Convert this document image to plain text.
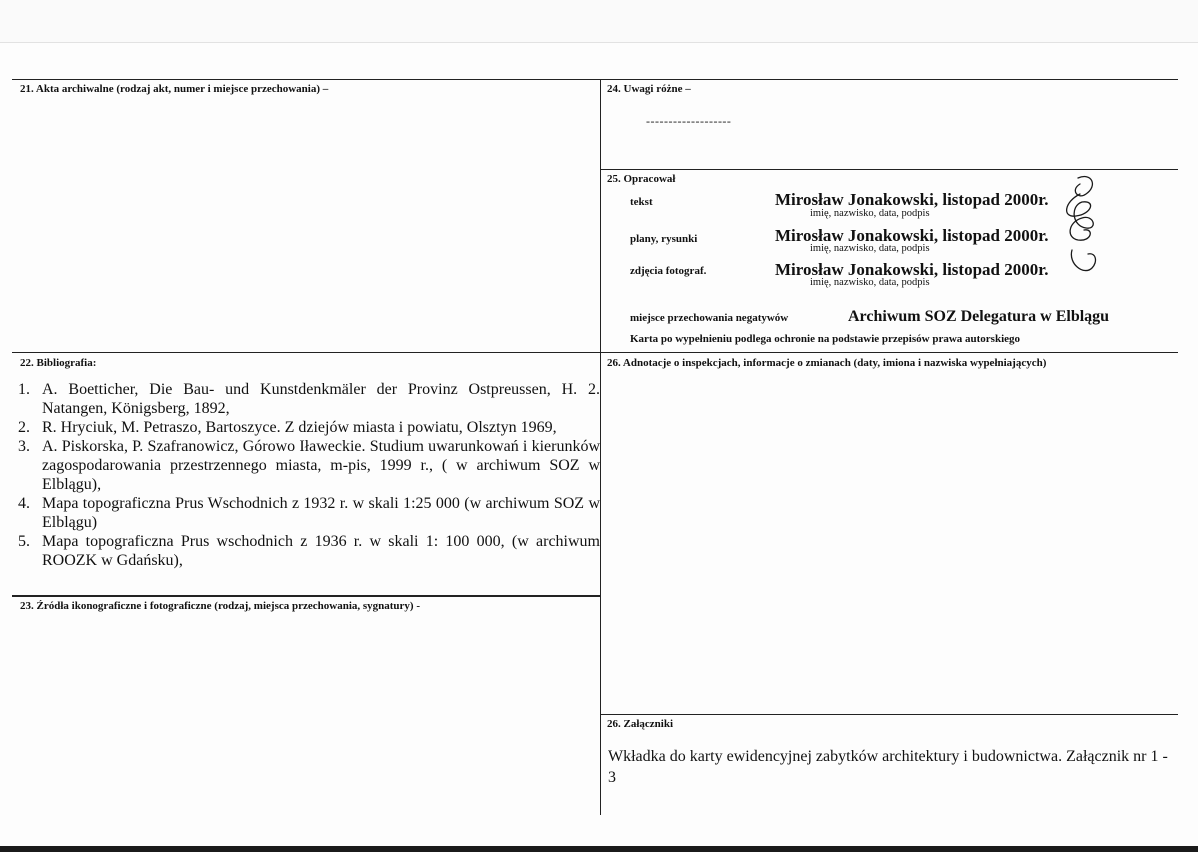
21. Akta archiwalne (rodzaj akt, numer i miejsce przechowania) –	24. Uwagi różne –
-------------------
25. Opracował
tekst	Mirosław Jonakowski, listopad 2000r.
imię, nazwisko, data, podpis
plany, rysunki	Mirosław Jonakowski, listopad 2000r.
imię, nazwisko, data, podpis
zdjęcia fotograf.	Mirosław Jonakowski, listopad 2000r.
imię, nazwisko, data, podpis
miejsce przechowania negatywów	Archiwum SOZ Delegatura w Elblągu
Karta po wypełnieniu podlega ochronie na podstawie przepisów prawa autorskiego
22. Bibliografia:
1. A. Boetticher, Die Bau- und Kunstdenkmäler der Provinz Ostpreussen, H. 2. Natangen, Königsberg, 1892,
2. R. Hryciuk, M. Petraszo, Bartoszyce. Z dziejów miasta i powiatu, Olsztyn 1969,
3. A. Piskorska, P. Szafranowicz, Górowo Iławeckie. Studium uwarunkowań i kierunków zagospodarowania przestrzennego miasta, m-pis, 1999 r., ( w archiwum SOZ w Elblągu),
4. Mapa topograficzna Prus Wschodnich z 1932 r. w skali 1:25 000 (w archiwum SOZ w Elblągu)
5. Mapa topograficzna Prus wschodnich z 1936 r. w skali 1: 100 000, (w archiwum ROOZK w Gdańsku),
23. Źródła ikonograficzne i fotograficzne (rodzaj, miejsca przechowania, sygnatury) -
26. Adnotacje o inspekcjach, informacje o zmianach (daty, imiona i nazwiska wypełniających)
26. Załączniki
Wkładka do karty ewidencyjnej zabytków architektury i budownictwa. Załącznik nr 1 - 3
